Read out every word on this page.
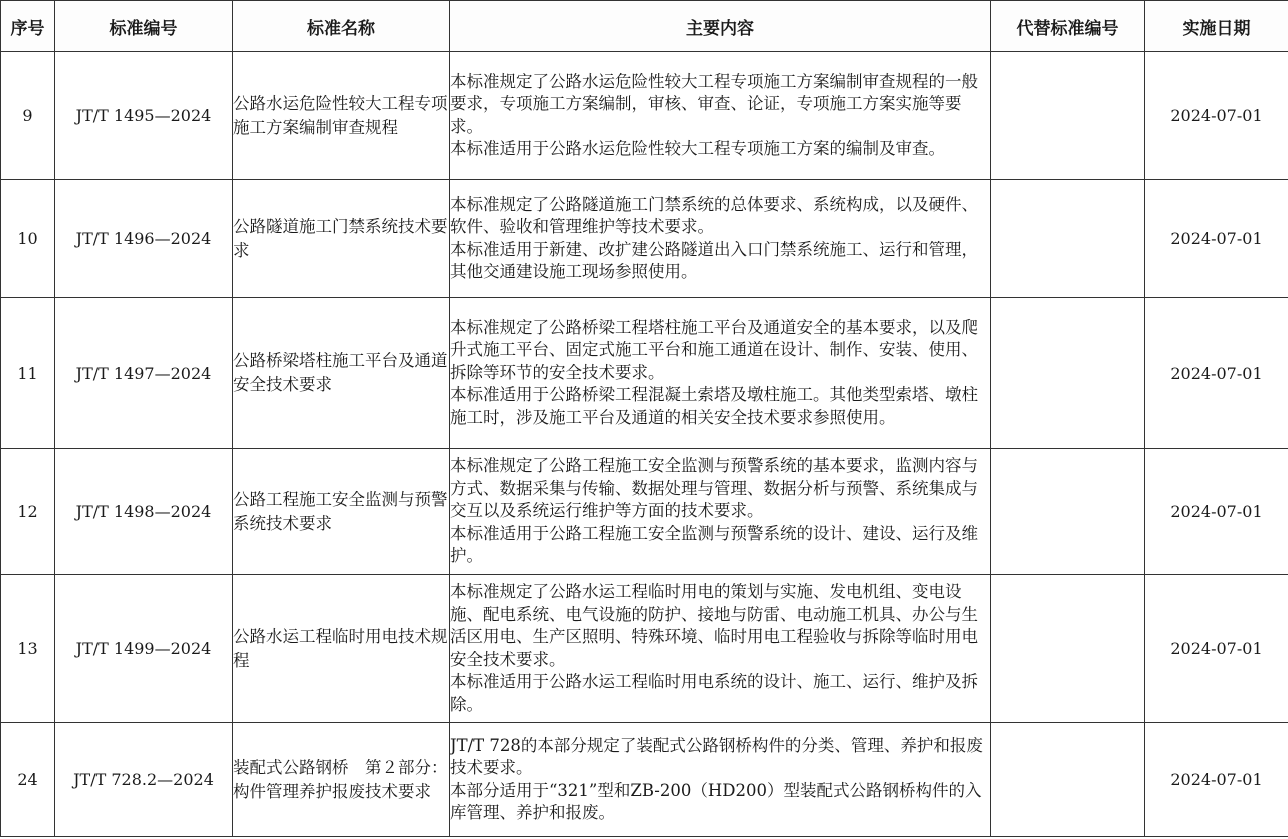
序号	标准编号	标准名称	主要内容	代替标准编号	实施日期
9	JT/T 1495—2024	公路水运危险性较大工程专项施工方案编制审查规程	本标准规定了公路水运危险性较大工程专项施工方案编制审查规程的一般要求，专项施工方案编制，审核、审查、论证，专项施工方案实施等要求。
本标准适用于公路水运危险性较大工程专项施工方案的编制及审查。		2024-07-01
10	JT/T 1496—2024	公路隧道施工门禁系统技术要求	本标准规定了公路隧道施工门禁系统的总体要求、系统构成，以及硬件、软件、验收和管理维护等技术要求。
本标准适用于新建、改扩建公路隧道出入口门禁系统施工、运行和管理，其他交通建设施工现场参照使用。		2024-07-01
11	JT/T 1497—2024	公路桥梁塔柱施工平台及通道安全技术要求	本标准规定了公路桥梁工程塔柱施工平台及通道安全的基本要求，以及爬升式施工平台、固定式施工平台和施工通道在设计、制作、安装、使用、拆除等环节的安全技术要求。
本标准适用于公路桥梁工程混凝土索塔及墩柱施工。其他类型索塔、墩柱施工时，涉及施工平台及通道的相关安全技术要求参照使用。		2024-07-01
12	JT/T 1498—2024	公路工程施工安全监测与预警系统技术要求	本标准规定了公路工程施工安全监测与预警系统的基本要求，监测内容与方式、数据采集与传输、数据处理与管理、数据分析与预警、系统集成与交互以及系统运行维护等方面的技术要求。
本标准适用于公路工程施工安全监测与预警系统的设计、建设、运行及维护。		2024-07-01
13	JT/T 1499—2024	公路水运工程临时用电技术规程	本标准规定了公路水运工程临时用电的策划与实施、发电机组、变电设施、配电系统、电气设施的防护、接地与防雷、电动施工机具、办公与生活区用电、生产区照明、特殊环境、临时用电工程验收与拆除等临时用电安全技术要求。
本标准适用于公路水运工程临时用电系统的设计、施工、运行、维护及拆除。		2024-07-01
24	JT/T 728.2—2024	装配式公路钢桥　第２部分：构件管理养护报废技术要求	JT/T 728的本部分规定了装配式公路钢桥构件的分类、管理、养护和报废技术要求。
本部分适用于“321”型和ZB-200（HD200）型装配式公路钢桥构件的入库管理、养护和报废。		2024-07-01
